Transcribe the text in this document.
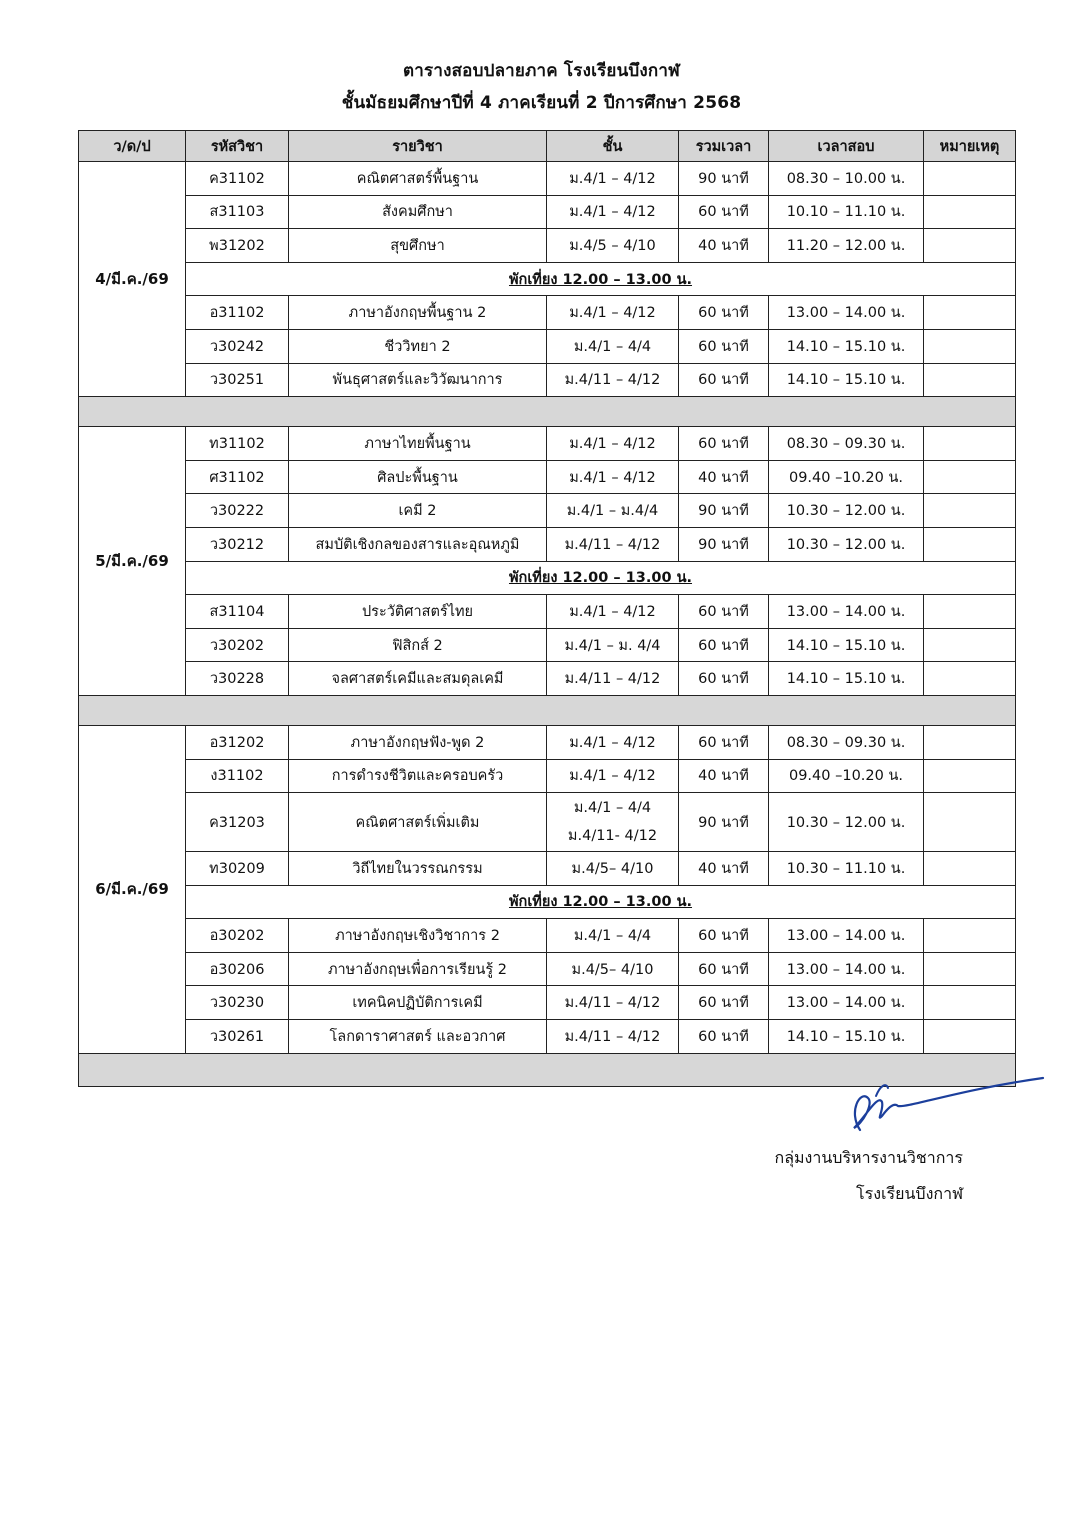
ตารางสอบปลายภาค โรงเรียนบึงกาฬ
ชั้นมัธยมศึกษาปีที่ 4 ภาคเรียนที่ 2 ปีการศึกษา 2568
ว/ด/ป	รหัสวิชา	รายวิชา	ชั้น	รวมเวลา	เวลาสอบ	หมายเหตุ
4/มี.ค./69	ค31102	คณิตศาสตร์พื้นฐาน	ม.4/1 – 4/12	90 นาที	08.30 – 10.00 น.	
	ส31103	สังคมศึกษา	ม.4/1 – 4/12	60 นาที	10.10 – 11.10 น.	
	พ31202	สุขศึกษา	ม.4/5 – 4/10	40 นาที	11.20 – 12.00 น.	
	พักเที่ยง 12.00 – 13.00 น.					
	อ31102	ภาษาอังกฤษพื้นฐาน 2	ม.4/1 – 4/12	60 นาที	13.00 – 14.00 น.	
	ว30242	ชีววิทยา 2	ม.4/1 – 4/4	60 นาที	14.10 – 15.10 น.	
	ว30251	พันธุศาสตร์และวิวัฒนาการ	ม.4/11 – 4/12	60 นาที	14.10 – 15.10 น.	

5/มี.ค./69	ท31102	ภาษาไทยพื้นฐาน	ม.4/1 – 4/12	60 นาที	08.30 – 09.30 น.	
	ศ31102	ศิลปะพื้นฐาน	ม.4/1 – 4/12	40 นาที	09.40 –10.20 น.	
	ว30222	เคมี 2	ม.4/1 – ม.4/4	90 นาที	10.30 – 12.00 น.	
	ว30212	สมบัติเชิงกลของสารและอุณหภูมิ	ม.4/11 – 4/12	90 นาที	10.30 – 12.00 น.	
	พักเที่ยง 12.00 – 13.00 น.					
	ส31104	ประวัติศาสตร์ไทย	ม.4/1 – 4/12	60 นาที	13.00 – 14.00 น.	
	ว30202	ฟิสิกส์ 2	ม.4/1 – ม. 4/4	60 นาที	14.10 – 15.10 น.	
	ว30228	จลศาสตร์เคมีและสมดุลเคมี	ม.4/11 – 4/12	60 นาที	14.10 – 15.10 น.	

6/มี.ค./69	อ31202	ภาษาอังกฤษฟัง-พูด 2	ม.4/1 – 4/12	60 นาที	08.30 – 09.30 น.	
	ง31102	การดำรงชีวิตและครอบครัว	ม.4/1 – 4/12	40 นาที	09.40 –10.20 น.	
	ค31203	คณิตศาสตร์เพิ่มเติม	ม.4/1 – 4/4
ม.4/11- 4/12	90 นาที	10.30 – 12.00 น.	
	ท30209	วิถีไทยในวรรณกรรม	ม.4/5– 4/10	40 นาที	10.30 – 11.10 น.	
	พักเที่ยง 12.00 – 13.00 น.					
	อ30202	ภาษาอังกฤษเชิงวิชาการ 2	ม.4/1 – 4/4	60 นาที	13.00 – 14.00 น.	
	อ30206	ภาษาอังกฤษเพื่อการเรียนรู้ 2	ม.4/5– 4/10	60 นาที	13.00 – 14.00 น.	
	ว30230	เทคนิคปฏิบัติการเคมี	ม.4/11 – 4/12	60 นาที	13.00 – 14.00 น.	
	ว30261	โลกดาราศาสตร์ และอวกาศ	ม.4/11 – 4/12	60 นาที	14.10 – 15.10 น.	

กลุ่มงานบริหารงานวิชาการ
โรงเรียนบึงกาฬ
